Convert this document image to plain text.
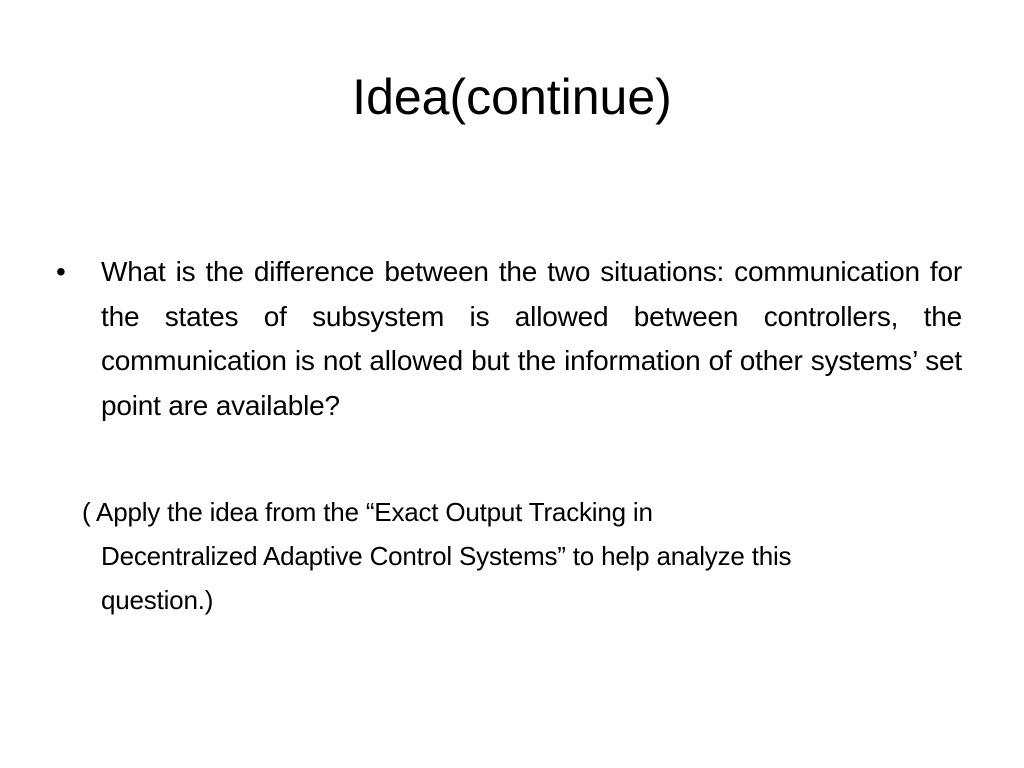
Idea(continue)
• What is the difference between the two situations: communication for the states of subsystem is allowed between controllers, the communication is not allowed but the information of other systems’ set point are available?
( Apply the idea from the “Exact Output Tracking in
Decentralized Adaptive Control Systems” to help analyze this
question.)
